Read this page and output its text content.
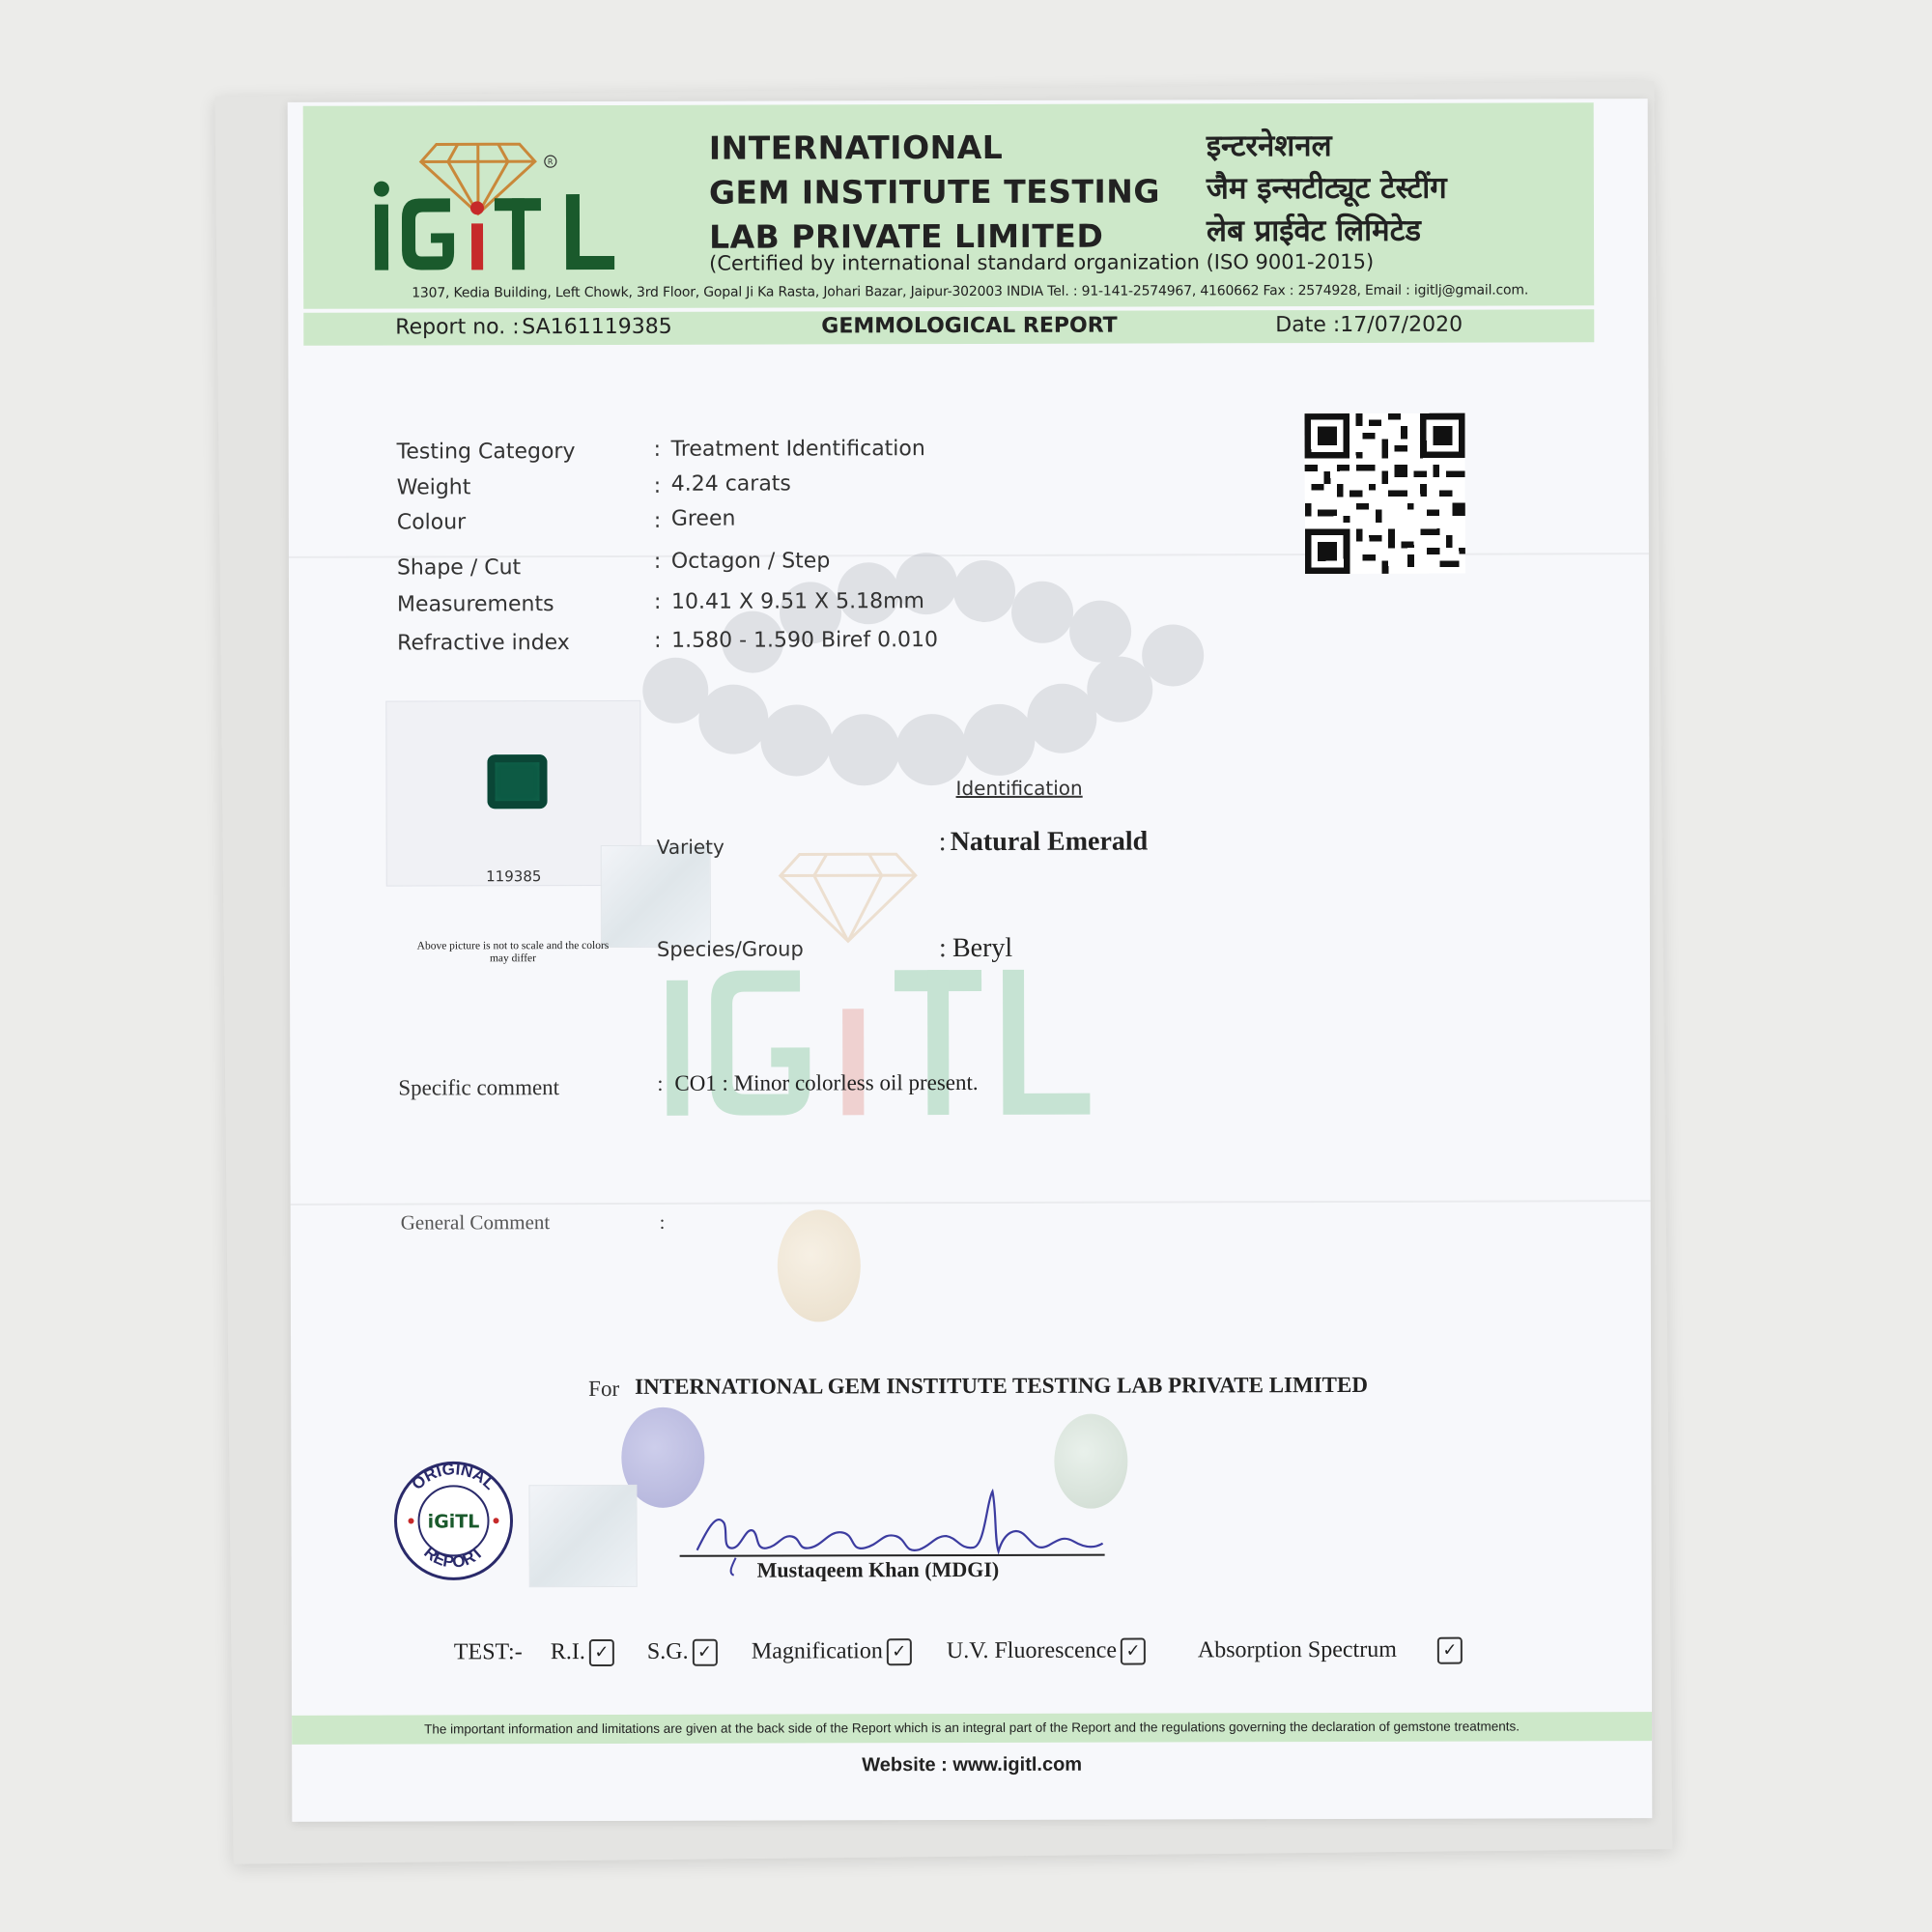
R	INTERNATIONAL
GEM INSTITUTE TESTING
LAB PRIVATE LIMITED
इन्टरनेशनल
जैम इन्सटीट्यूट टेस्टींग
लेब प्राईवेट लिमिटेड
(Certified by international standard organization (ISO 9001-2015)
1307, Kedia Building, Left Chowk, 3rd Floor, Gopal Ji Ka Rasta, Johari Bazar, Jaipur-302003 INDIA Tel. : 91-141-2574967, 4160662 Fax : 2574928, Email : igitlj@gmail.com.
Report no. : SA161119385	GEMMOLOGICAL REPORT	Date :17/07/2020
Testing Category	: Treatment Identification
Weight	: 4.24 carats
Colour	: Green
Shape / Cut	: Octagon / Step
Measurements	: 10.41 X 9.51 X 5.18mm
Refractive index	: 1.580 - 1.590 Biref 0.010
119385
Above picture is not to scale and the colors
may differ
Identification
Variety	: Natural Emerald
Species/Group	: Beryl
Specific comment	: CO1 : Minor colorless oil present.
General Comment	:
For INTERNATIONAL GEM INSTITUTE TESTING LAB PRIVATE LIMITED
ORIGINAL
REPORT
iGiTL
Mustaqeem Khan (MDGI)
TEST:- R.I. ✓ S.G. ✓ Magnification ✓ U.V. Fluorescence ✓ Absorption Spectrum	✓
The important information and limitations are given at the back side of the Report which is an integral part of the Report and the regulations governing the declaration of gemstone treatments.
Website : www.igitl.com
